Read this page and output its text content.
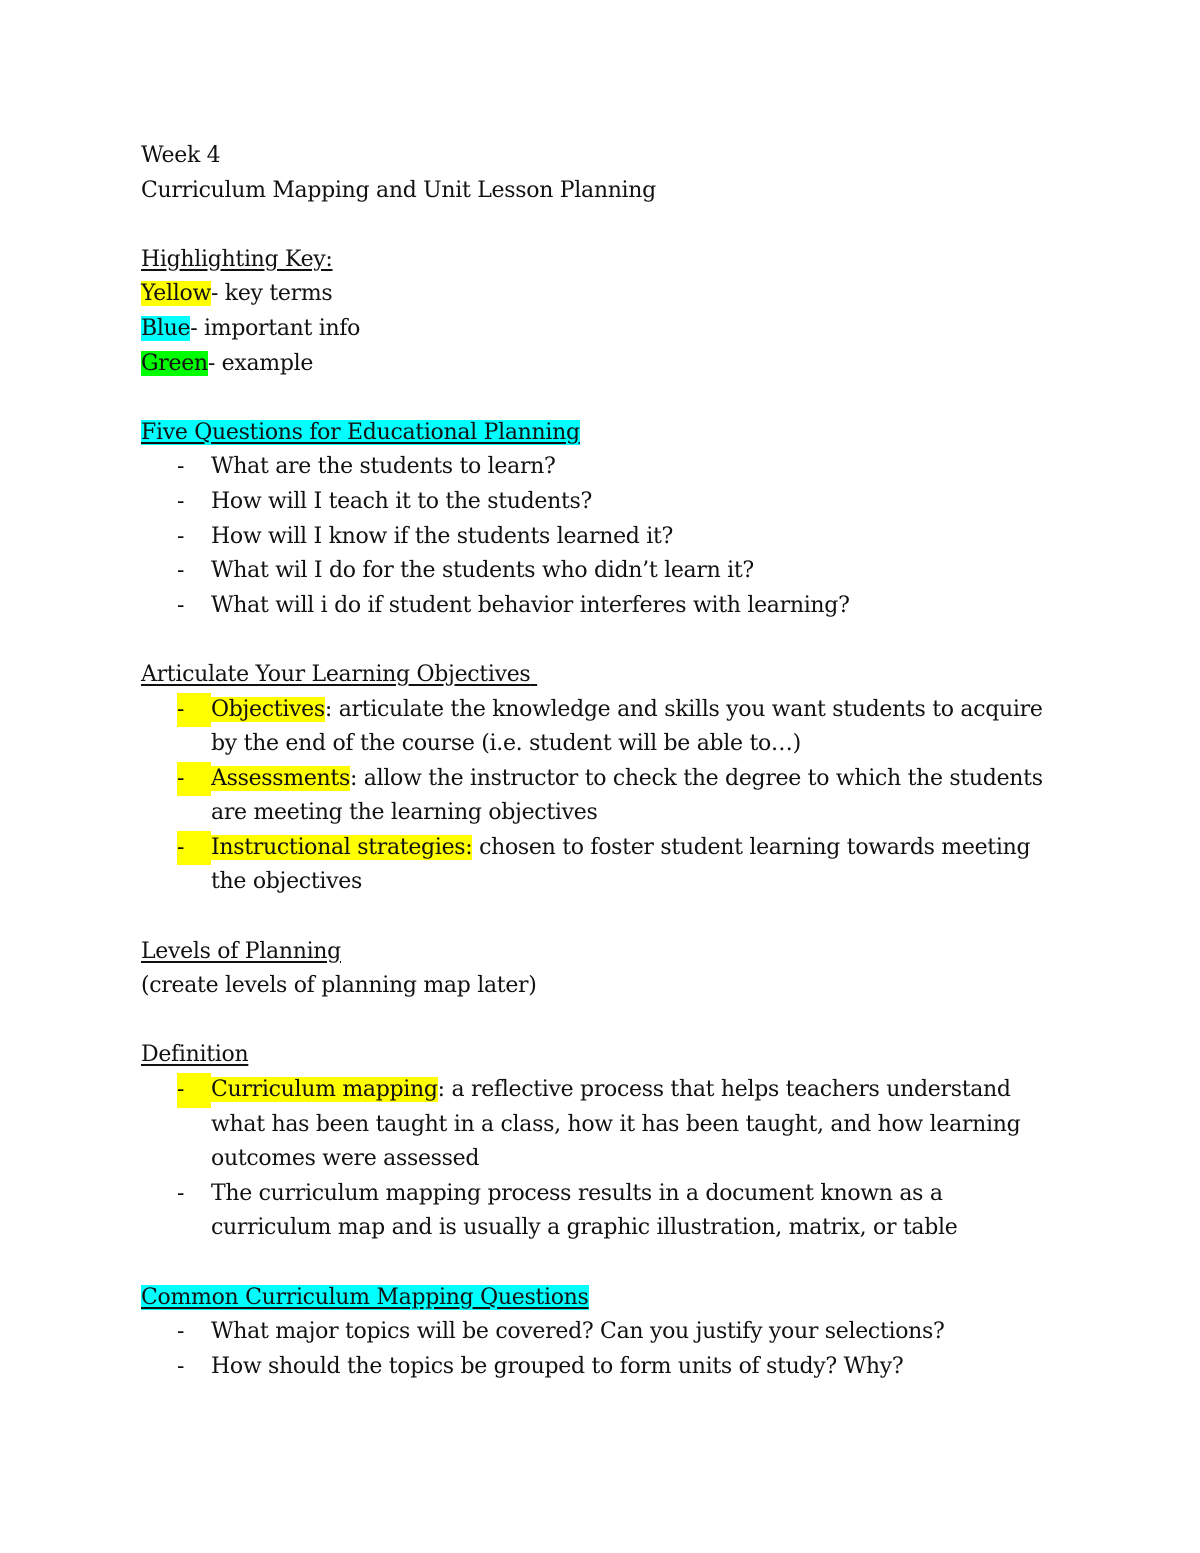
Week 4
Curriculum Mapping and Unit Lesson Planning
Highlighting Key:
Yellow- key terms
Blue- important info
Green- example
Five Questions for Educational Planning
- What are the students to learn?
- How will I teach it to the students?
- How will I know if the students learned it?
- What wil I do for the students who didn’t learn it?
- What will i do if student behavior interferes with learning?
Articulate Your Learning Objectives
-	Objectives: articulate the knowledge and skills you want students to acquire
by the end of the course (i.e. student will be able to…)
-	Assessments: allow the instructor to check the degree to which the students
are meeting the learning objectives
-	Instructional strategies: chosen to foster student learning towards meeting
the objectives
Levels of Planning
(create levels of planning map later)
Definition
-	Curriculum mapping: a reflective process that helps teachers understand
what has been taught in a class, how it has been taught, and how learning
outcomes were assessed
- The curriculum mapping process results in a document known as a
curriculum map and is usually a graphic illustration, matrix, or table
Common Curriculum Mapping Questions
- What major topics will be covered? Can you justify your selections?
- How should the topics be grouped to form units of study? Why?
